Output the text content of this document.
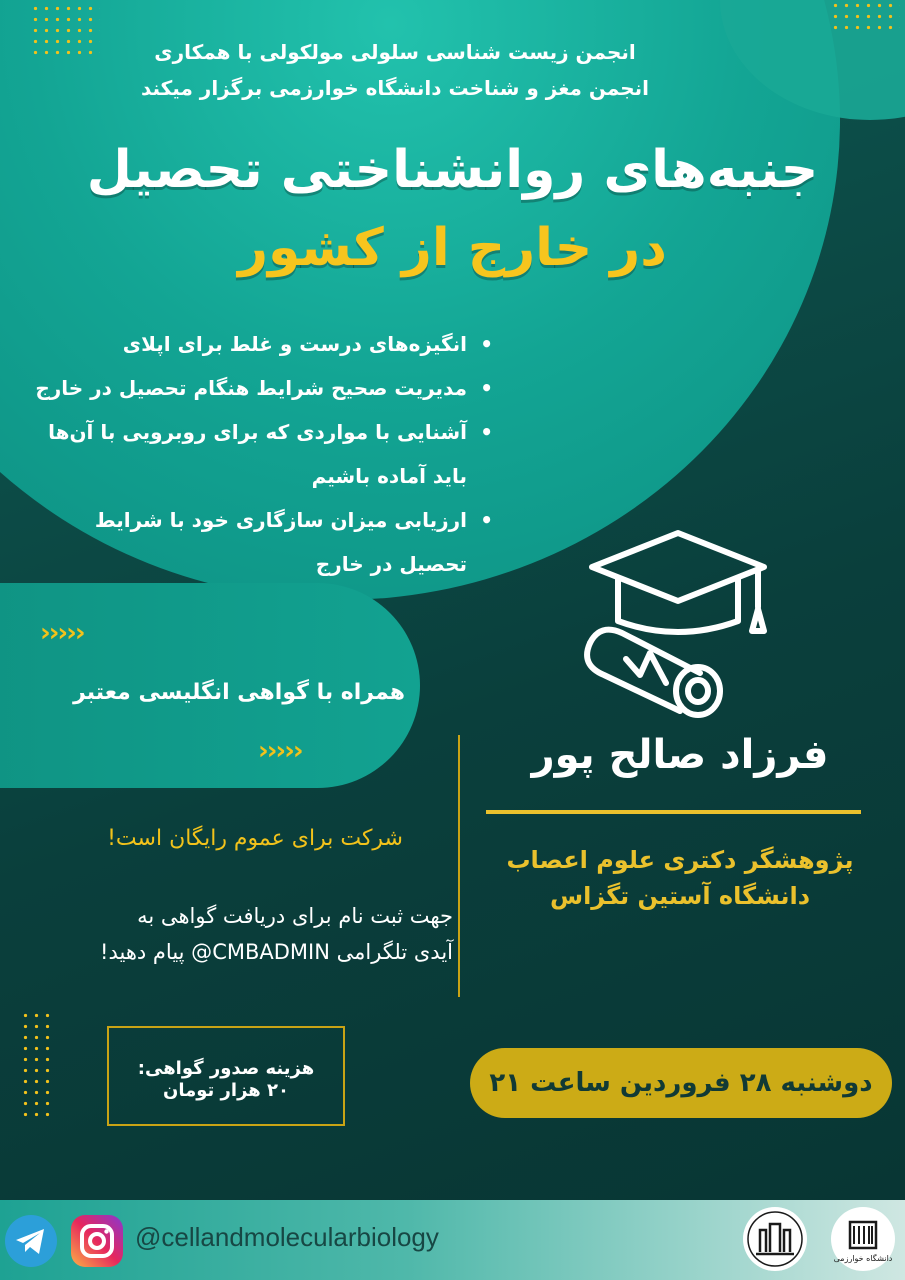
انجمن زیست شناسی سلولی مولکولی با همکاری
انجمن مغز و شناخت دانشگاه خوارزمی برگزار میکند
جنبه‌های روانشناختی تحصیل
در خارج از کشور
• انگیزه‌های درست و غلط برای اپلای
• مدیریت صحیح شرایط هنگام تحصیل در خارج
• آشنایی با مواردی که برای روبرویی با آن‌ها باید آماده باشیم
• ارزیابی میزان سازگاری خود با شرایط تحصیل در خارج
›››››
همراه با گواهی انگلیسی معتبر
›››››	فرزاد صالح پور
پژوهشگر دکتری علوم اعصاب
دانشگاه آستین تگزاس
شرکت برای عموم رایگان است!
جهت ثبت نام برای دریافت گواهی به
آیدی تلگرامی CMBADMIN@ پیام دهید!
هزینه صدور گواهی:
۲۰ هزار تومان	دوشنبه ۲۸ فروردین ساعت ۲۱
@cellandmolecularbiology
دانشگاه خوارزمی
